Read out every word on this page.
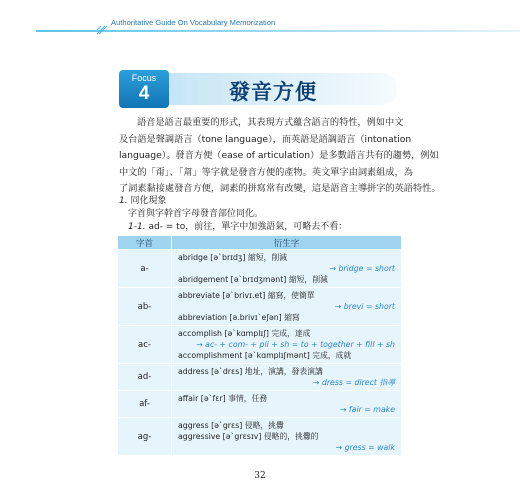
Authoritative Guide On Vocabulary Memorization
Focus
4	發音方便
語音是語言最重要的形式，其表現方式蘊含語言的特性，例如中文
及台語是聲調語言（tone language），而英語是語調語言（intonation
language）。發音方便（ease of articulation）是多數語言共有的趨勢，例如
中文的「甭」、「甮」等字就是發音方便的產物。英文單字由詞素組成，為
了詞素黏接處發音方便，詞素的拼寫常有改變，這是語音主導拼字的英語特性。
1. 同化現象
字首與字幹首字母發音部位同化。
1-1. ad- = to，前往，單字中加強語氣，可略去不看：
字首	衍生字
a-	abridge [əˋbrɪdʒ] 縮短，削減
→ bridge = short
abridgement [əˋbrɪdʒmənt] 縮短，削減

ab-	abbreviate [əˋbrivɪ.et] 縮寫，使簡單
→ brevi = short
abbreviation [ə.brivɪˋeʃən] 縮寫

ac-	accomplish [əˋkɑmplɪʃ] 完成，達成
→ ac- + com- + pli + sh = to + together + fill + sh
accomplishment [əˋkɑmplɪʃmənt] 完成，成就

ad-	address [əˋdrɛs] 地址，演講，發表演講
→ dress = direct 指導

af-	affair [əˋfɛr] 事情，任務
→ fair = make

ag-	aggress [əˋgrɛs] 侵略，挑釁
aggressive [əˋgrɛsɪv] 侵略的，挑釁的
→ gress = walk
32
